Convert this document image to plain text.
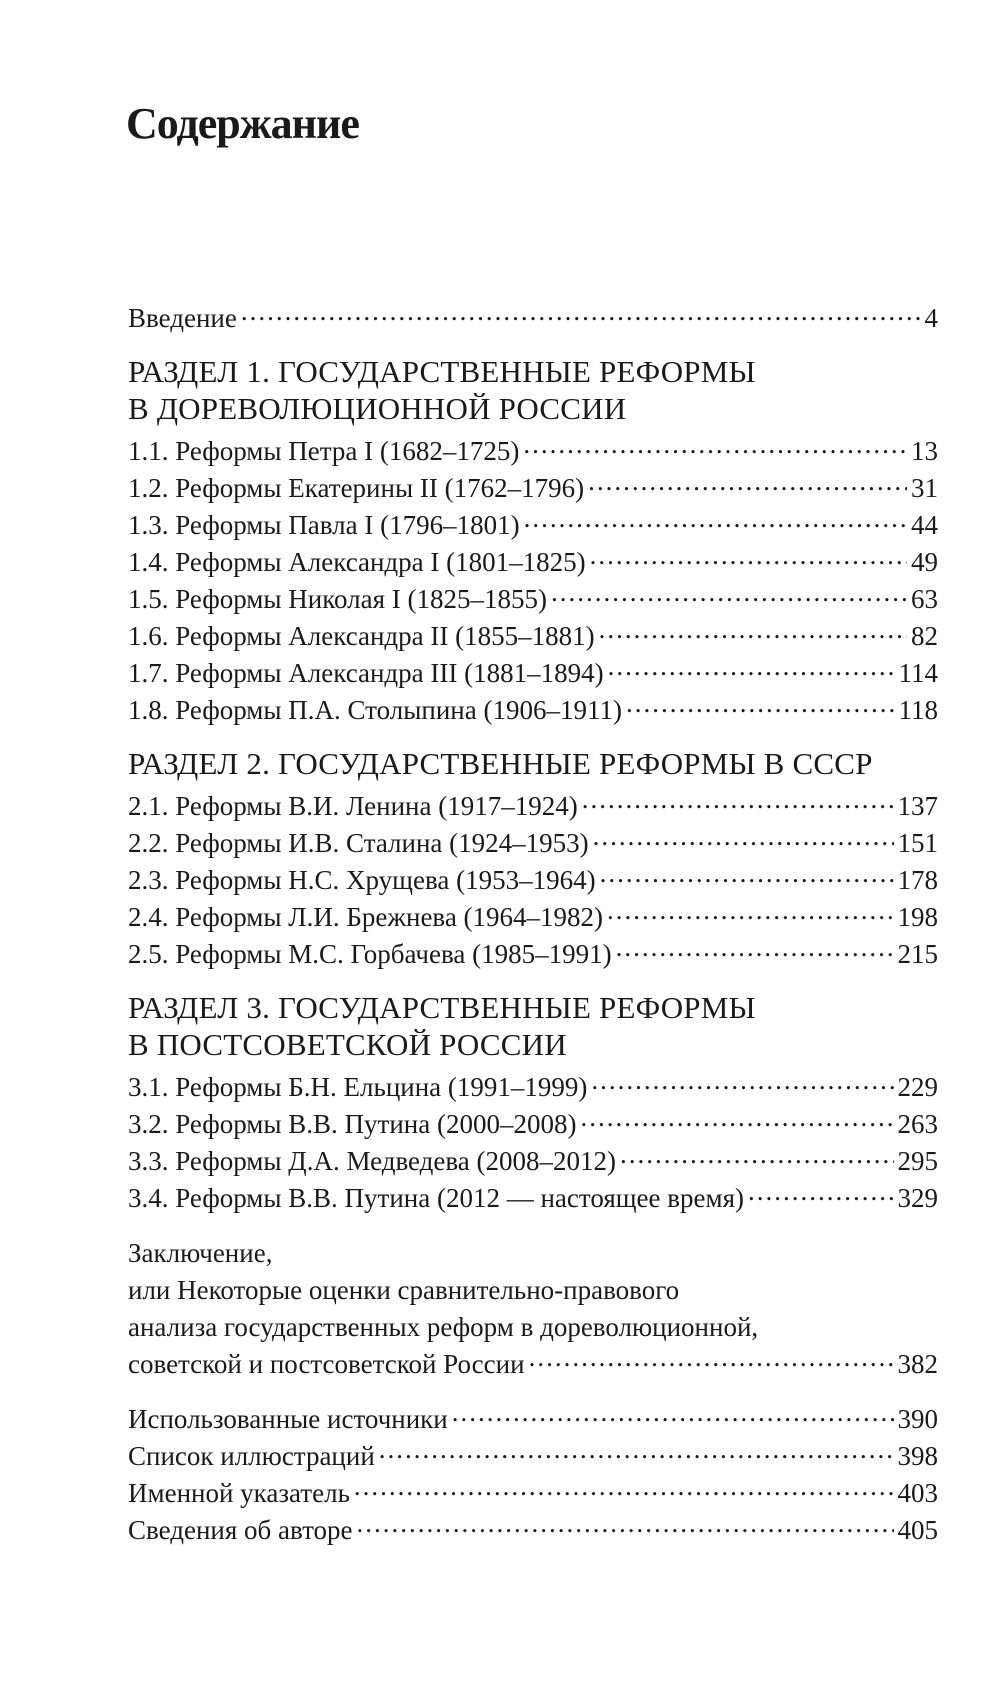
Содержание
Введение .....	4
РАЗДЕЛ 1. ГОСУДАРСТВЕННЫЕ РЕФОРМЫ
В ДОРЕВОЛЮЦИОННОЙ РОССИИ
1.1. Реформы Петра I (1682–1725) .....	13
1.2. Реформы Екатерины II (1762–1796) .....	31
1.3. Реформы Павла I (1796–1801) .....	44
1.4. Реформы Александра I (1801–1825) .....	49
1.5. Реформы Николая I (1825–1855) .....	63
1.6. Реформы Александра II (1855–1881) .....	82
1.7. Реформы Александра III (1881–1894) .....	114
1.8. Реформы П.А. Столыпина (1906–1911) .....	118
РАЗДЕЛ 2. ГОСУДАРСТВЕННЫЕ РЕФОРМЫ В СССР
2.1. Реформы В.И. Ленина (1917–1924) .....	137
2.2. Реформы И.В. Сталина (1924–1953) .....	151
2.3. Реформы Н.С. Хрущева (1953–1964) .....	178
2.4. Реформы Л.И. Брежнева (1964–1982) .....	198
2.5. Реформы М.С. Горбачева (1985–1991) .....	215
РАЗДЕЛ 3. ГОСУДАРСТВЕННЫЕ РЕФОРМЫ
В ПОСТСОВЕТСКОЙ РОССИИ
3.1. Реформы Б.Н. Ельцина (1991–1999) .....	229
3.2. Реформы В.В. Путина (2000–2008) .....	263
3.3. Реформы Д.А. Медведева (2008–2012) .....	295
3.4. Реформы В.В. Путина (2012 — настоящее время) .....	329
Заключение,
или Некоторые оценки сравнительно-правового
анализа государственных реформ в дореволюционной,
советской и постсоветской России .....	382
Использованные источники .....	390
Список иллюстраций .....	398
Именной указатель .....	403
Сведения об авторе .....	405
